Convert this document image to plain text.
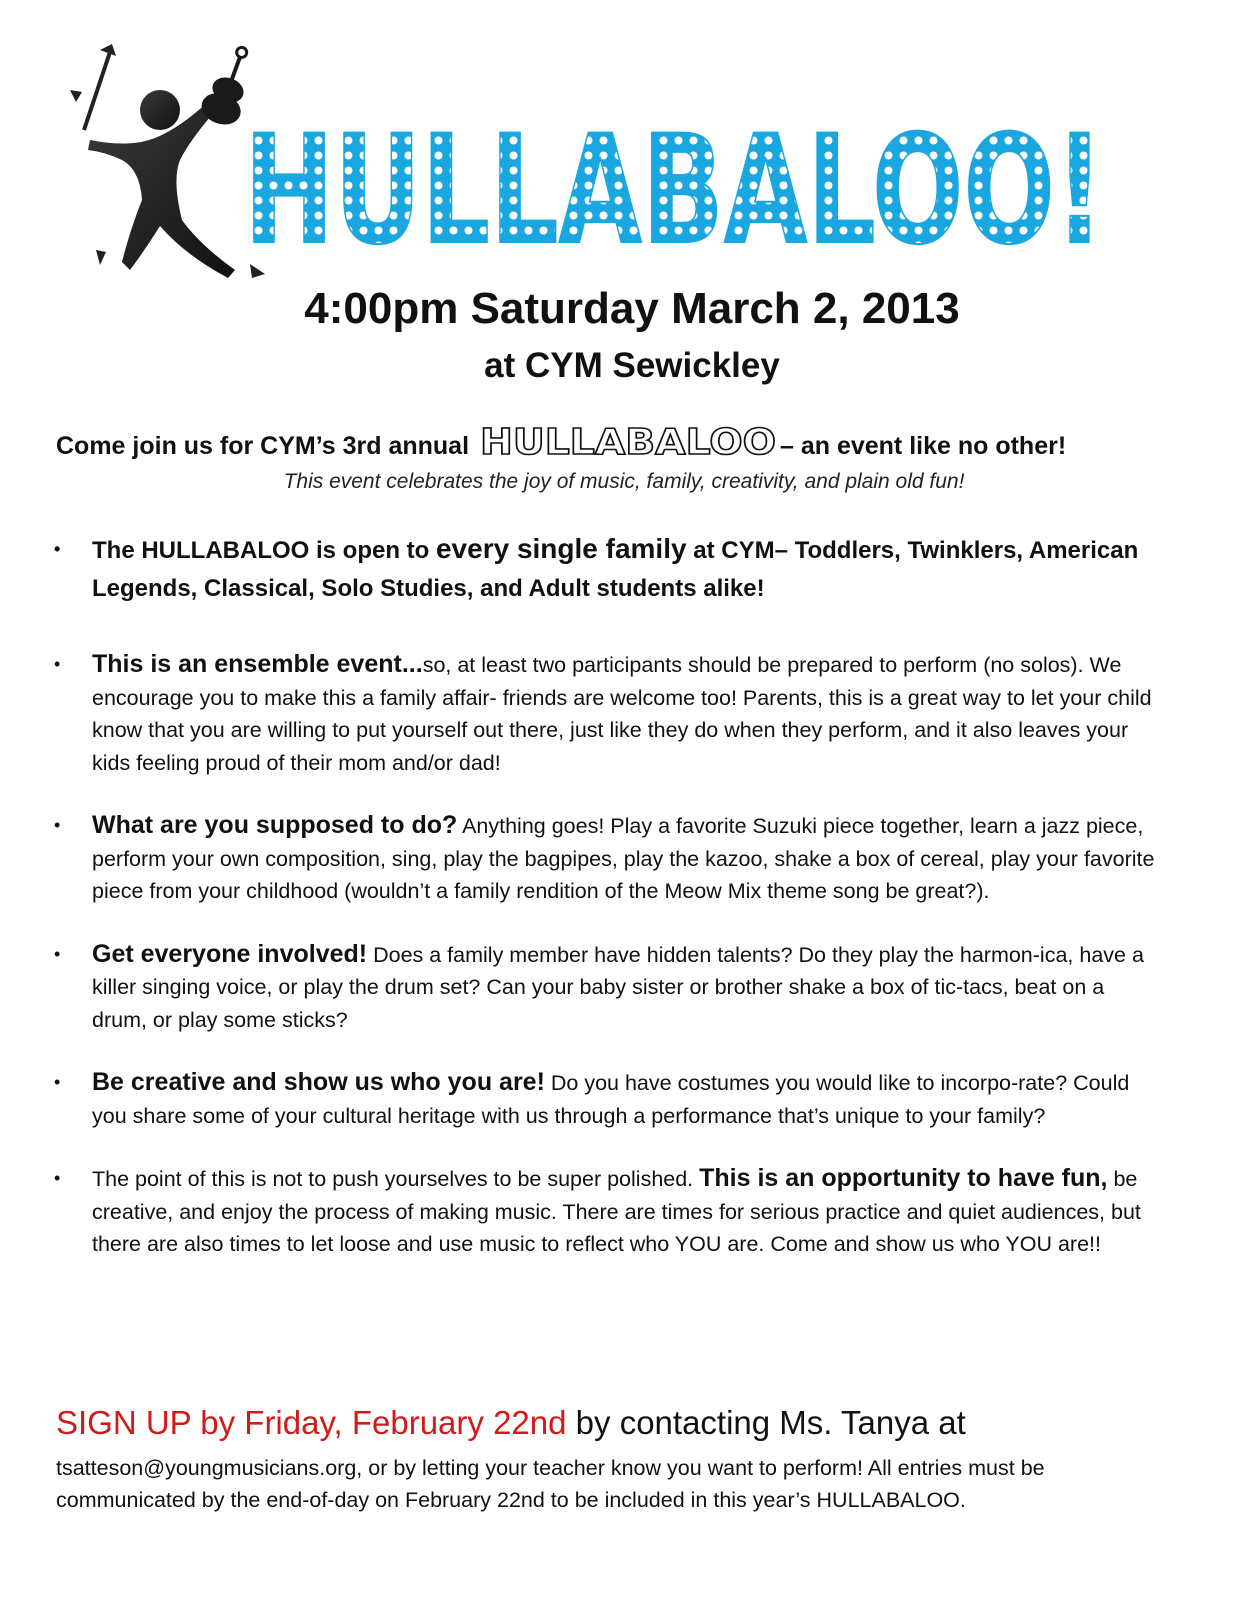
HULLABALOO!
4:00pm Saturday March 2, 2013
at CYM Sewickley
Come join us for CYM’s 3rd annual HULLABALOO – an event like no other!
This event celebrates the joy of music, family, creativity, and plain old fun!
• The HULLABALOO is open to every single family at CYM– Toddlers, Twinklers, American Legends, Classical, Solo Studies, and Adult students alike!
• This is an ensemble event...so, at least two participants should be prepared to perform (no solos). We encourage you to make this a family affair- friends are welcome too! Parents, this is a great way to let your child know that you are willing to put yourself out there, just like they do when they perform, and it also leaves your kids feeling proud of their mom and/or dad!
• What are you supposed to do? Anything goes! Play a favorite Suzuki piece together, learn a jazz piece, perform your own composition, sing, play the bagpipes, play the kazoo, shake a box of cereal, play your favorite piece from your childhood (wouldn’t a family rendition of the Meow Mix theme song be great?).
• Get everyone involved! Does a family member have hidden talents? Do they play the harmon-ica, have a killer singing voice, or play the drum set? Can your baby sister or brother shake a box of tic-tacs, beat on a drum, or play some sticks?
• Be creative and show us who you are! Do you have costumes you would like to incorpo-rate? Could you share some of your cultural heritage with us through a performance that’s unique to your family?
• The point of this is not to push yourselves to be super polished. This is an opportunity to have fun, be creative, and enjoy the process of making music. There are times for serious practice and quiet audiences, but there are also times to let loose and use music to reflect who YOU are. Come and show us who YOU are!!
SIGN UP by Friday, February 22nd by contacting Ms. Tanya at
tsatteson@youngmusicians.org, or by letting your teacher know you want to perform! All entries must be communicated by the end-of-day on February 22nd to be included in this year’s HULLABALOO.
